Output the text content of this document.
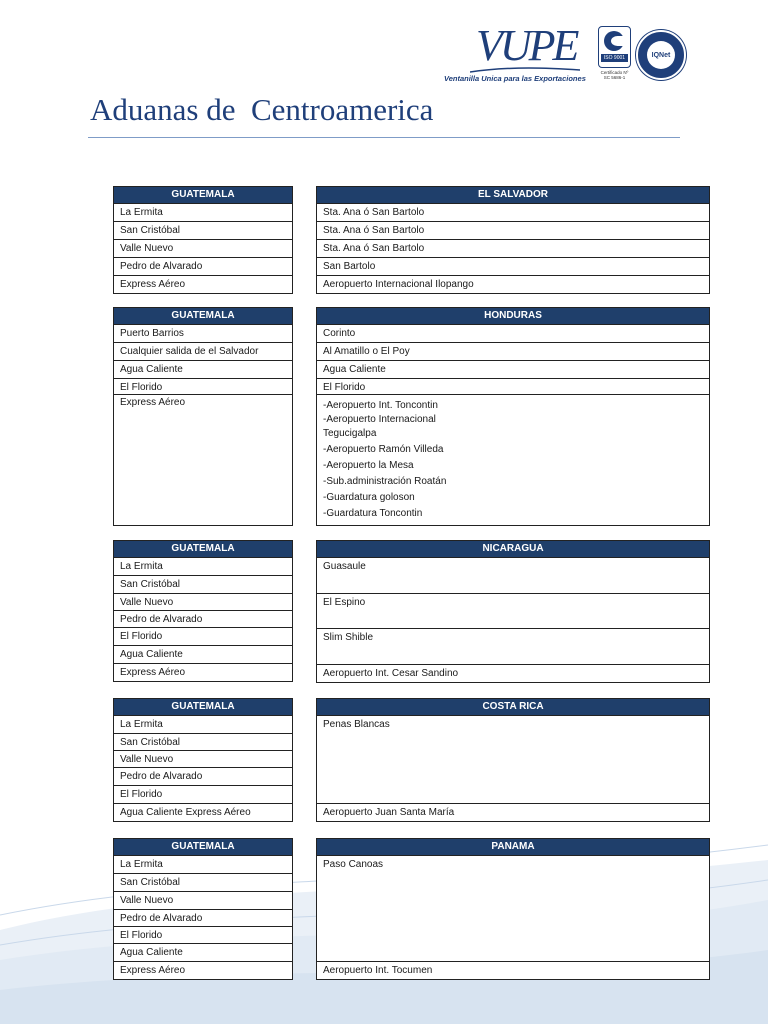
VUPE
Ventanilla Unica para las Exportaciones
ISO 9001
Certificado Nº SC 5686-1
IQNet
Aduanas de  Centroamerica
GUATEMALA
La Ermita
San Cristóbal
Valle Nuevo
Pedro de Alvarado
Express Aéreo
EL SALVADOR
Sta. Ana ó San Bartolo
Sta. Ana ó San Bartolo
Sta. Ana ó San Bartolo
San Bartolo
Aeropuerto Internacional Ilopango
GUATEMALA
Puerto Barrios
Cualquier salida de el Salvador
Agua Caliente
El Florido
Express Aéreo
HONDURAS
Corinto
Al Amatillo o El Poy
Agua Caliente
El Florido
-Aeropuerto Int. Toncontin
-Aeropuerto Internacional
Tegucigalpa
-Aeropuerto Ramón Villeda
-Aeropuerto la Mesa
-Sub.administración Roatán
-Guardatura goloson
-Guardatura Toncontin
GUATEMALA
La Ermita
San Cristóbal
Valle Nuevo
Pedro de Alvarado
El Florido
Agua Caliente
Express Aéreo
NICARAGUA
Guasaule
El Espino
Slim Shible
Aeropuerto Int. Cesar Sandino
GUATEMALA
La Ermita
San Cristóbal
Valle Nuevo
Pedro de Alvarado
El Florido
Agua Caliente Express Aéreo
COSTA RICA
Penas Blancas
Aeropuerto Juan Santa María
GUATEMALA
La Ermita
San Cristóbal
Valle Nuevo
Pedro de Alvarado
El Florido
Agua Caliente
Express Aéreo
PANAMA
Paso Canoas
Aeropuerto Int. Tocumen
